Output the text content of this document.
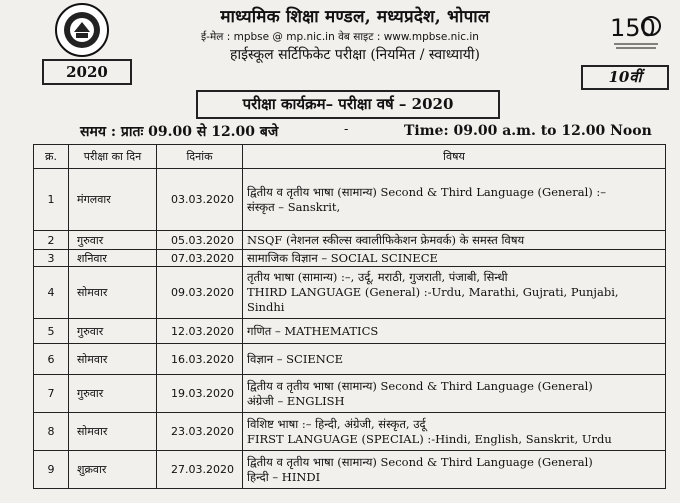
150
माध्यमिक शिक्षा मण्डल, मध्यप्रदेश, भोपाल
ई-मेल : mpbse @ mp.nic.in वेब साइट : www.mpbse.nic.in
हाईस्कूल सर्टिफिकेट परीक्षा (नियमित / स्वाध्यायी)
2020	10वीं
परीक्षा कार्यक्रम– परीक्षा वर्ष – 2020
समय : प्रातः 09.00 से 12.00 बजे	-	Time: 09.00 a.m. to 12.00 Noon
क्र.	परीक्षा का दिन	दिनांक	विषय
1	मंगलवार	03.03.2020	द्वितीय व तृतीय भाषा (सामान्य) Second & Third Language (General) :–
संस्कृत – Sanskrit,

2	गुरुवार	05.03.2020	NSQF (नेशनल स्कील्स क्वालीफिकेशन फ्रेमवर्क) के समस्त विषय

3	शनिवार	07.03.2020	सामाजिक विज्ञान – SOCIAL SCINECE

4	सोमवार	09.03.2020	तृतीय भाषा (सामान्य) :–, उर्दू, मराठी, गुजराती, पंजाबी, सिन्धी
THIRD LANGUAGE (General) :-Urdu, Marathi, Gujrati, Punjabi,
Sindhi

5	गुरुवार	12.03.2020	गणित – MATHEMATICS

6	सोमवार	16.03.2020	विज्ञान – SCIENCE

7	गुरुवार	19.03.2020	द्वितीय व तृतीय भाषा (सामान्य) Second & Third Language (General)
अंग्रेजी – ENGLISH

8	सोमवार	23.03.2020	विशिष्ट भाषा :– हिन्दी, अंग्रेजी, संस्कृत, उर्दू
FIRST LANGUAGE (SPECIAL) :-Hindi, English, Sanskrit, Urdu

9	शुक्रवार	27.03.2020	द्वितीय व तृतीय भाषा (सामान्य) Second & Third Language (General)
हिन्दी – HINDI
